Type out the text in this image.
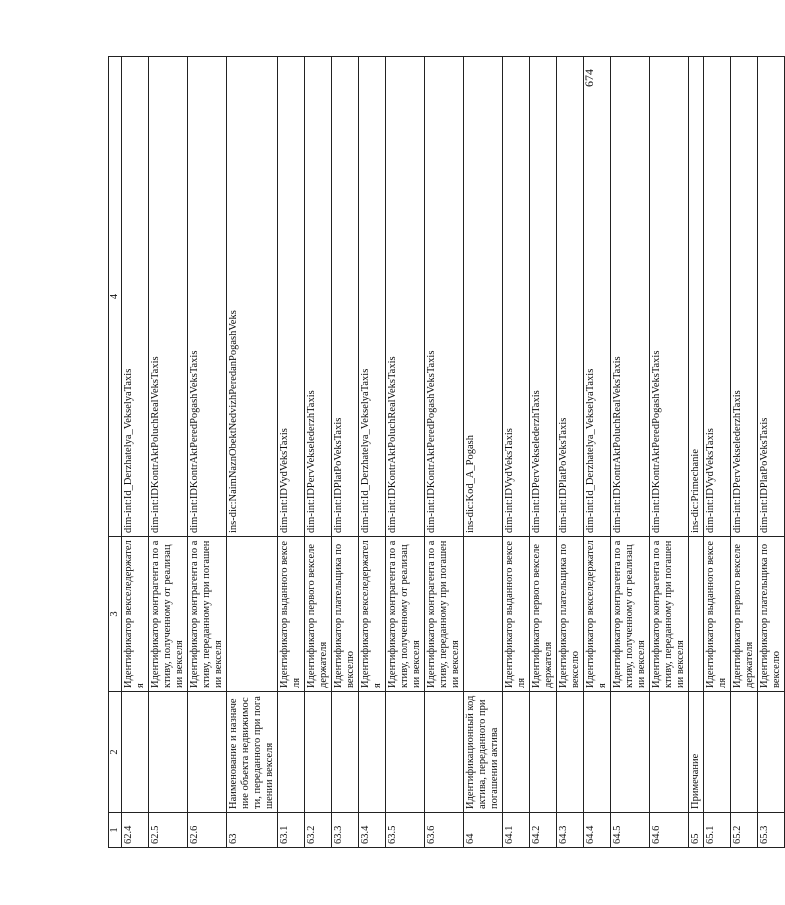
1	2	3	4
62.4		Идентификатор векселедержателя	dim-int:Id_Derzhatelya_VekselyaTaxis
62.5		Идентификатор контрагента по активу, полученному от реализации векселя	dim-int:IDKontrAktPoluchRealVeksTaxis
62.6		Идентификатор контрагента по активу, переданному при погашении векселя	dim-int:IDKontrAktPeredPogashVeksTaxis
63	Наименование и назначение объекта недвижимости, переданного при погашении векселя		ins-dic:NaimNaznObektNedvizhPeredanPogashVeks
63.1		Идентификатор выданного векселя	dim-int:IDVydVeksTaxis
63.2		Идентификатор первого векселедержателя	dim-int:IDPervVekselederzhTaxis
63.3		Идентификатор плательщика по векселю	dim-int:IDPlatPoVeksTaxis
63.4		Идентификатор векселедержателя	dim-int:Id_Derzhatelya_VekselyaTaxis
63.5		Идентификатор контрагента по активу, полученному от реализации векселя	dim-int:IDKontrAktPoluchRealVeksTaxis
63.6		Идентификатор контрагента по активу, переданному при погашении векселя	dim-int:IDKontrAktPeredPogashVeksTaxis
64	Идентификационный код актива, переданного при погашении актива		ins-dic:Kod_A_Pogash
64.1		Идентификатор выданного векселя	dim-int:IDVydVeksTaxis
64.2		Идентификатор первого векселедержателя	dim-int:IDPervVekselederzhTaxis
64.3		Идентификатор плательщика по векселю	dim-int:IDPlatPoVeksTaxis
64.4		Идентификатор векселедержателя	dim-int:Id_Derzhatelya_VekselyaTaxis
64.5		Идентификатор контрагента по активу, полученному от реализации векселя	dim-int:IDKontrAktPoluchRealVeksTaxis
64.6		Идентификатор контрагента по активу, переданному при погашении векселя	dim-int:IDKontrAktPeredPogashVeksTaxis
65	Примечание		ins-dic:Primechanie
65.1		Идентификатор выданного векселя	dim-int:IDVydVeksTaxis
65.2		Идентификатор первого векселедержателя	dim-int:IDPervVekselederzhTaxis
65.3		Идентификатор плательщика по векселю	dim-int:IDPlatPoVeksTaxis
674
